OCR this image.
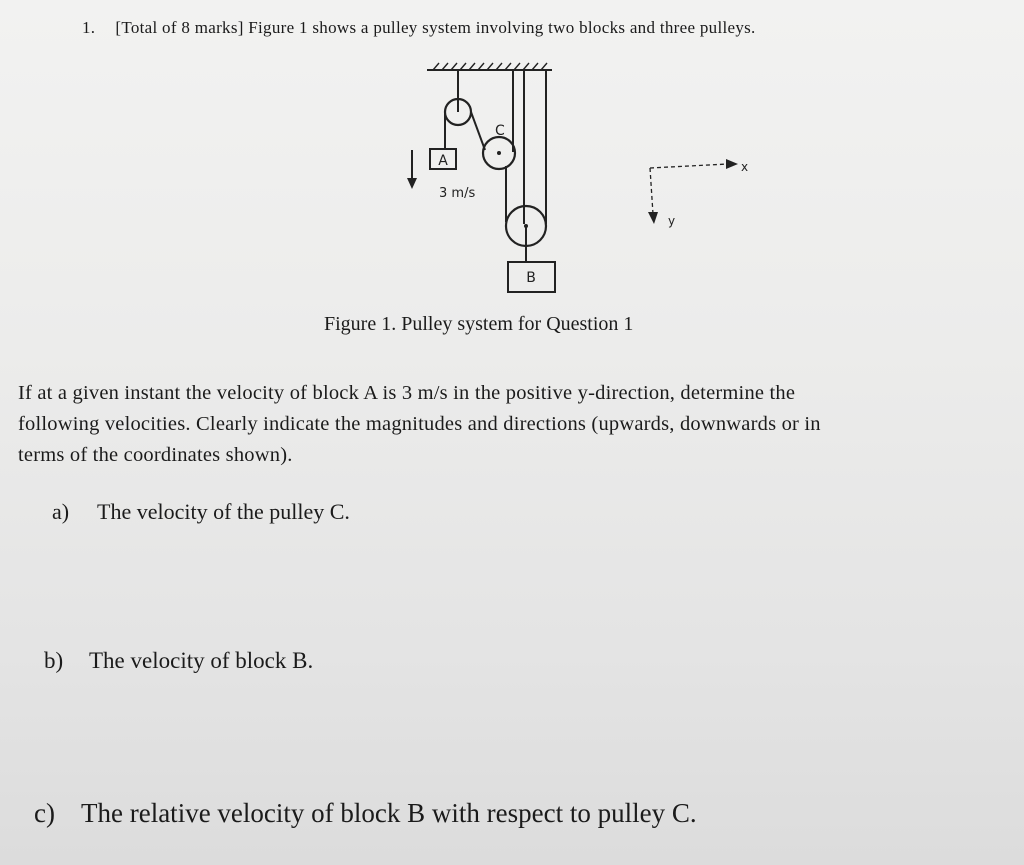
1. [Total of 8 marks] Figure 1 shows a pulley system involving two blocks and three pulleys.
A
3 m/s
C
B
x
y
Figure 1. Pulley system for Question 1
If at a given instant the velocity of block A is 3 m/s in the positive y-direction, determine the
following velocities. Clearly indicate the magnitudes and directions (upwards, downwards or in
terms of the coordinates shown).
a) The velocity of the pulley C.
b) The velocity of block B.
c) The relative velocity of block B with respect to pulley C.
